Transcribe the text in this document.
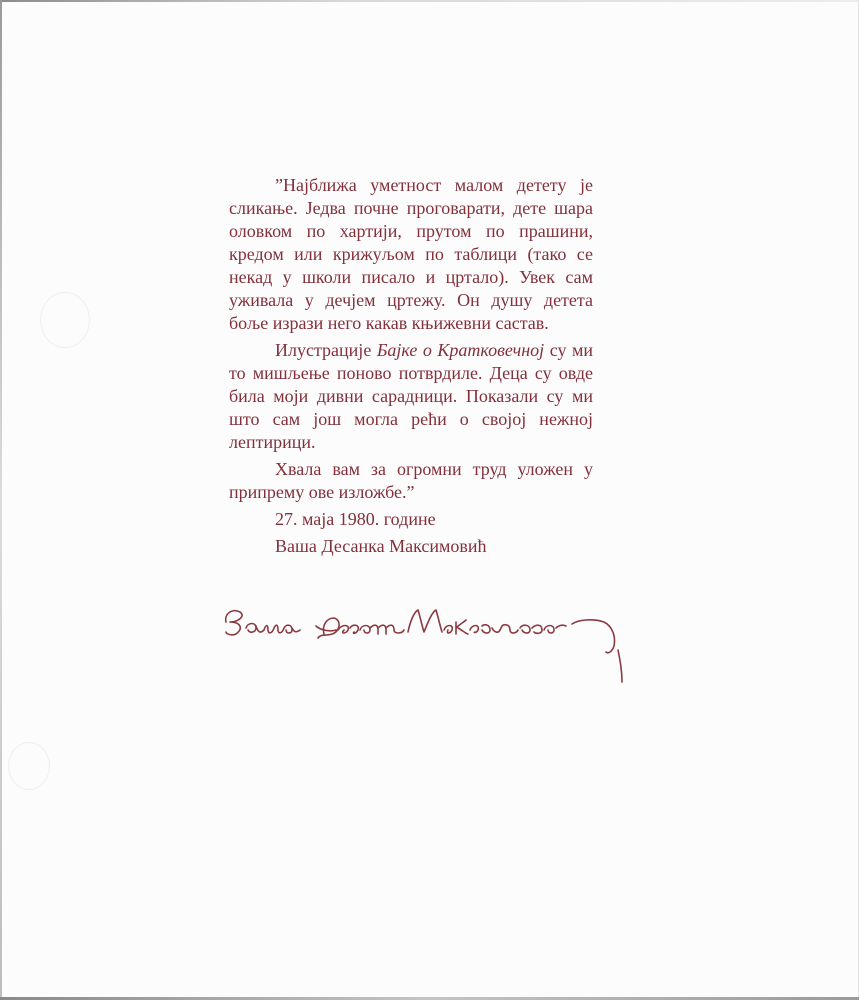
”Најближа уметност малом детету је сликање. Једва почне проговарати, дете шара оловком по хартији, прутом по прашини, кредом или крижуљом по таблици (тако се некад у школи писало и цртало). Увек сам уживала у дечјем цртежу. Он душу детета боље изрази него какав књижевни састав.

Илустрације Бајке о Кратковечној су ми то мишљење поново потврдиле. Деца су овде била моји дивни сарадници. Показали су ми што сам још могла рећи о својој нежној лептирици.

Хвала вам за огромни труд уложен у припрему ове изложбе.”

27. маја 1980. године
Ваша Десанка Максимовић
